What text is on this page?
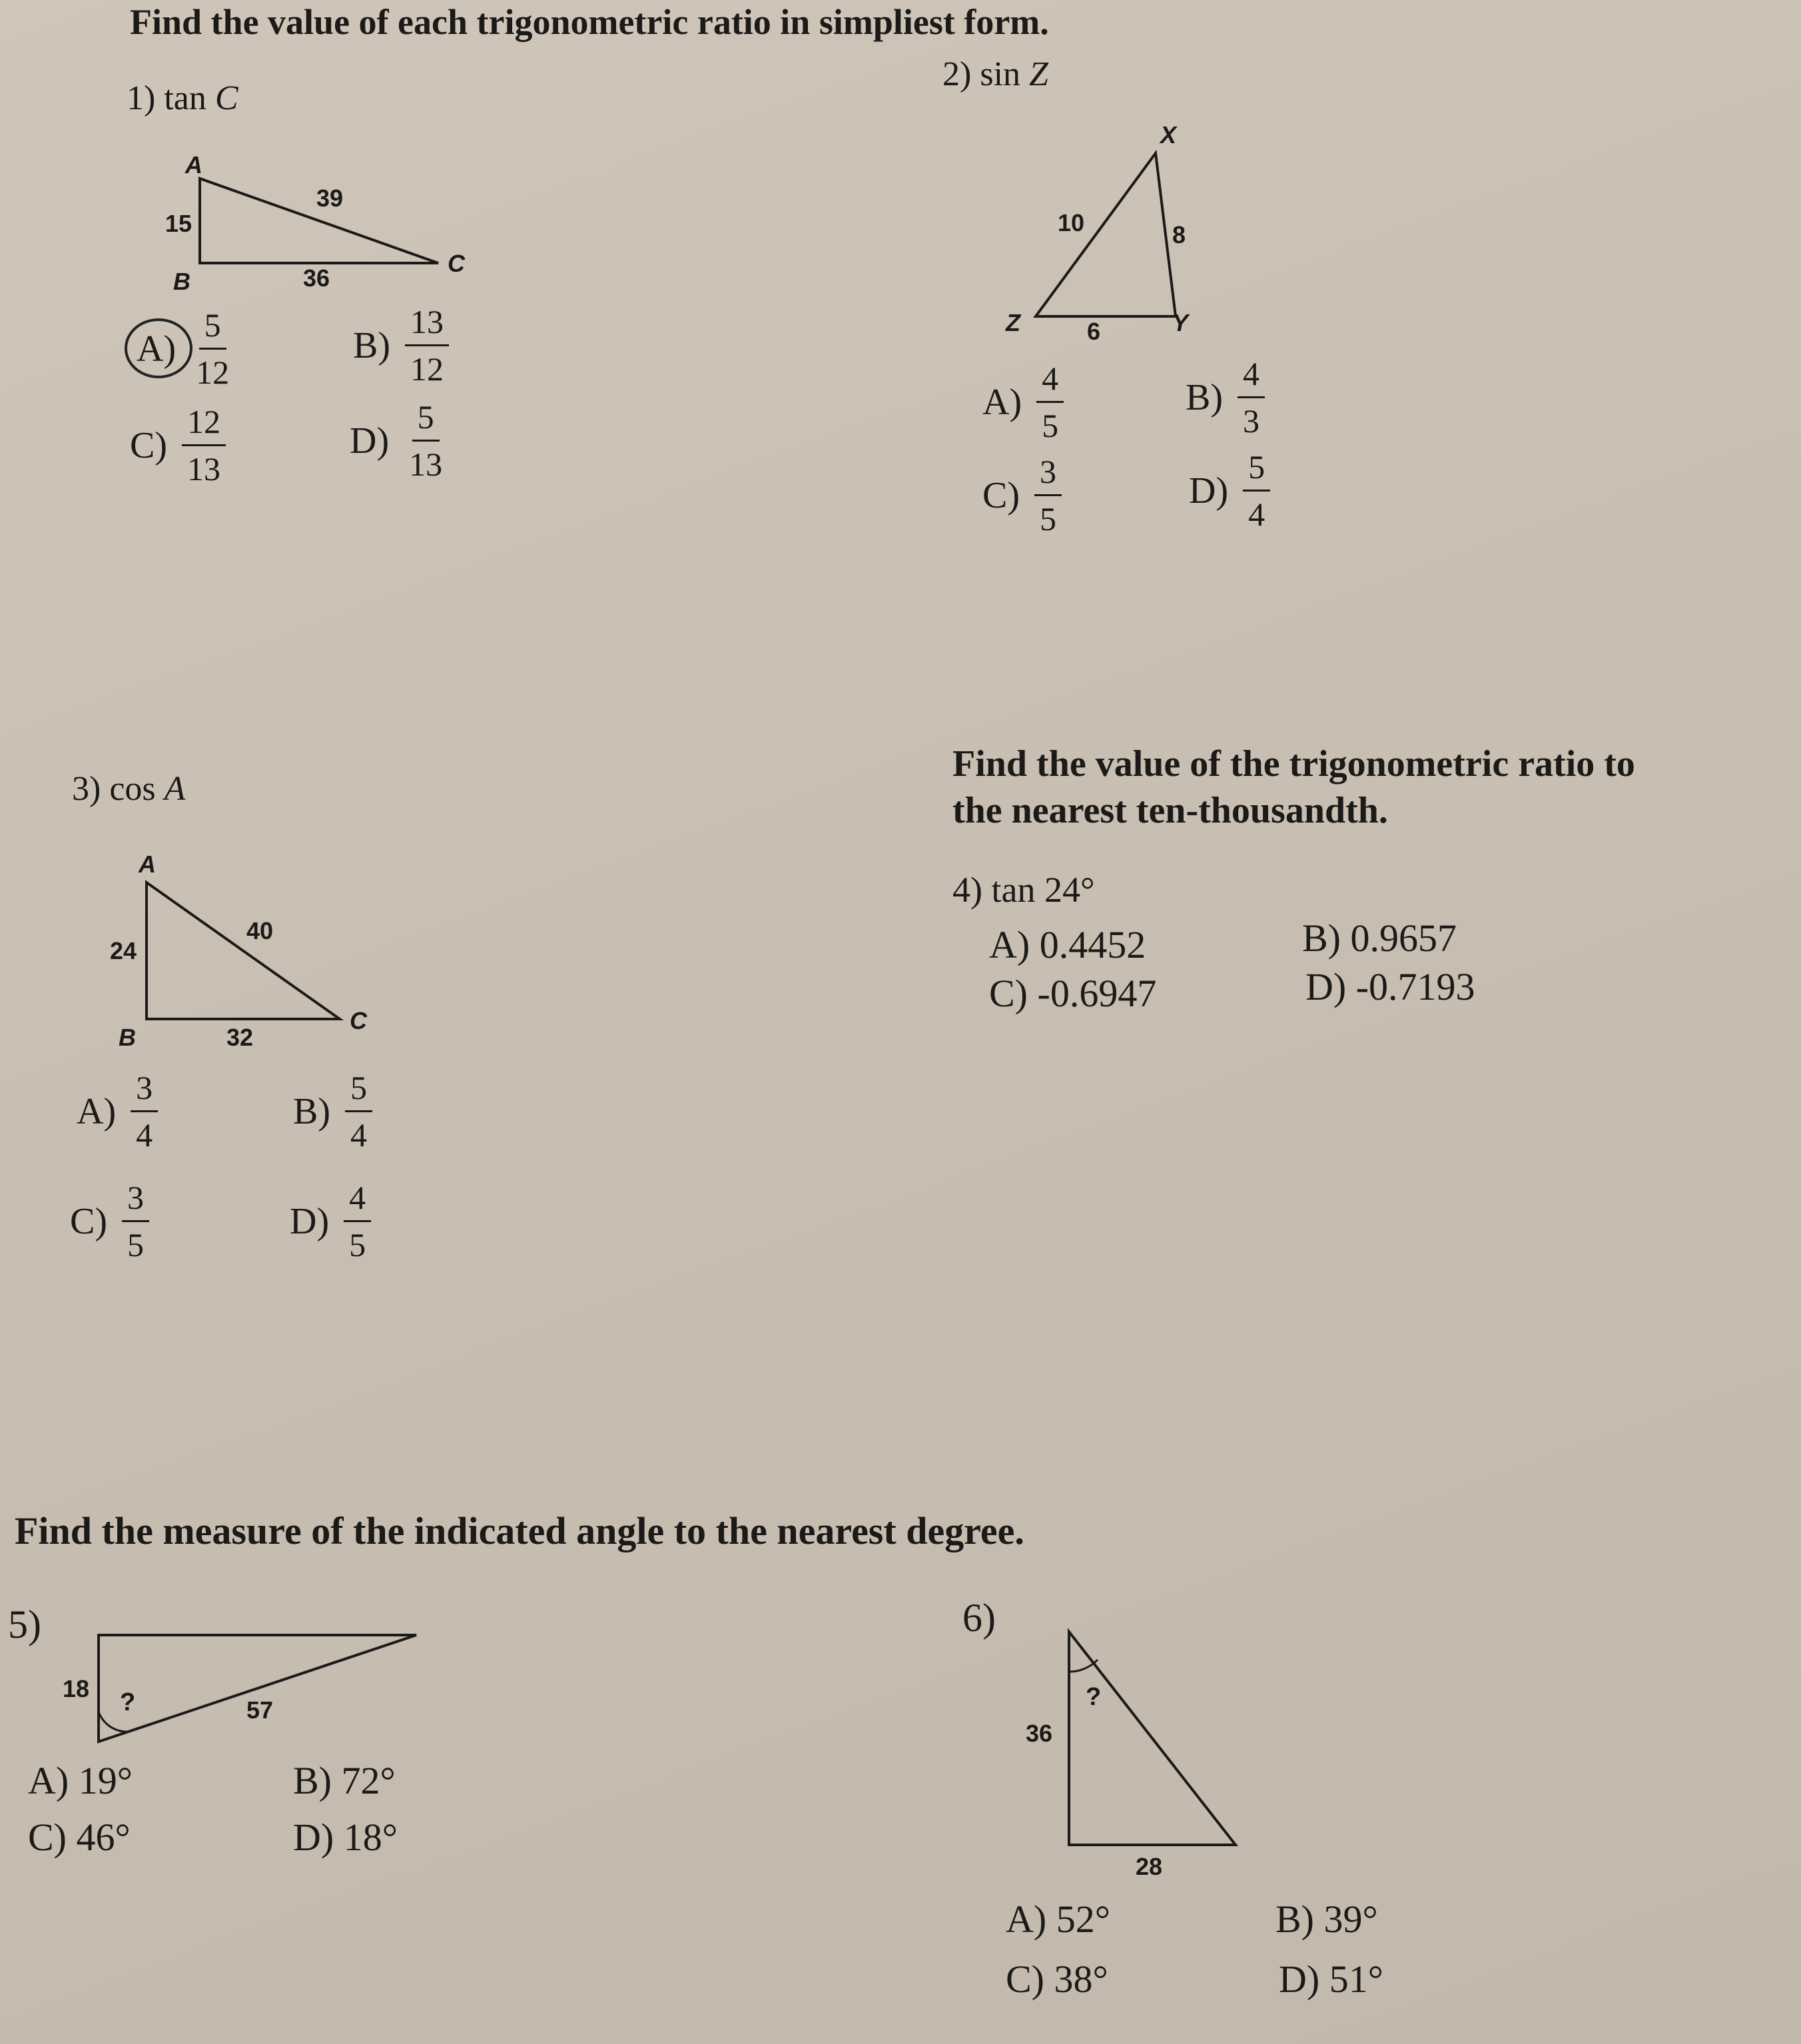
Find the value of each trigonometric ratio in simpliest form.
1) tan C
A
B
C
15
36
39
$A) \frac{5}{12}$	$B) \frac{13}{12}$
$C) \frac{12}{13}$	$D) \frac{5}{13}$
2) sin Z
X
Z	Y
10	8
6
$A) \frac{4}{5}$	$B) \frac{4}{3}$
$C) \frac{3}{5}$	$D) \frac{5}{4}$
3) cos A
A
B
C
24
32
40
$A) \frac{3}{4}$	$B) \frac{5}{4}$
$C) \frac{3}{5}$	$D) \frac{4}{5}$
Find the value of the trigonometric ratio to
the nearest ten-thousandth.
4) tan 24°
A) 0.4452	B) 0.9657
C) -0.6947	D) -0.7193
Find the measure of the indicated angle to the nearest degree.
5)
18
57
?
A) 19°	B) 72°
C) 46°	D) 18°
6)
36
28
?
A) 52°	B) 39°
C) 38°	D) 51°
